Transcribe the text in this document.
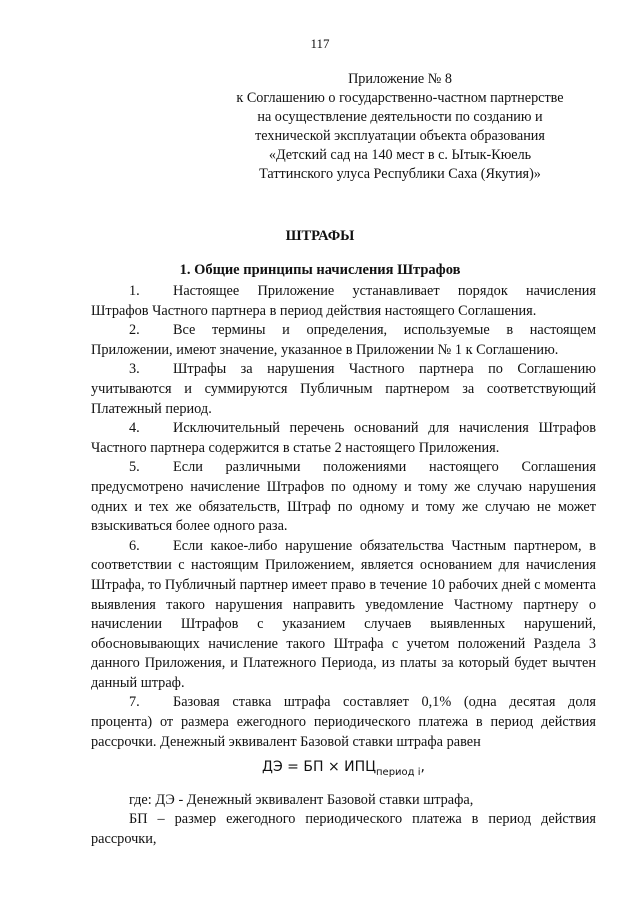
117
Приложение № 8
к Соглашению о государственно-частном партнерстве
на осуществление деятельности по созданию и
технической эксплуатации объекта образования
«Детский сад на 140 мест в с. Ытык-Кюель
Таттинского улуса Республики Саха (Якутия)»
ШТРАФЫ
1. Общие принципы начисления Штрафов

1. Настоящее Приложение устанавливает порядок начисления Штрафов Частного партнера в период действия настоящего Соглашения.

2. Все термины и определения, используемые в настоящем Приложении, имеют значение, указанное в Приложении № 1 к Соглашению.

3. Штрафы за нарушения Частного партнера по Соглашению учитываются и суммируются Публичным партнером за соответствующий Платежный период.

4. Исключительный перечень оснований для начисления Штрафов Частного партнера содержится в статье 2 настоящего Приложения.

5. Если различными положениями настоящего Соглашения предусмотрено начисление Штрафов по одному и тому же случаю нарушения одних и тех же обязательств, Штраф по одному и тому же случаю не может взыскиваться более одного раза.

6. Если какое-либо нарушение обязательства Частным партнером, в соответствии с настоящим Приложением, является основанием для начисления Штрафа, то Публичный партнер имеет право в течение 10 рабочих дней с момента выявления такого нарушения направить уведомление Частному партнеру о начислении Штрафов с указанием случаев выявленных нарушений, обосновывающих начисление такого Штрафа с учетом положений Раздела 3 данного Приложения, и Платежного Периода, из платы за который будет вычтен данный штраф.

7. Базовая ставка штрафа составляет 0,1% (одна десятая доля процента) от размера ежегодного периодического платежа в период действия рассрочки. Денежный эквивалент Базовой ставки штрафа равен

ДЭ = БП × $ИПЦ_{период i}$,

где: ДЭ - Денежный эквивалент Базовой ставки штрафа,

БП – размер ежегодного периодического платежа в период действия рассрочки,
